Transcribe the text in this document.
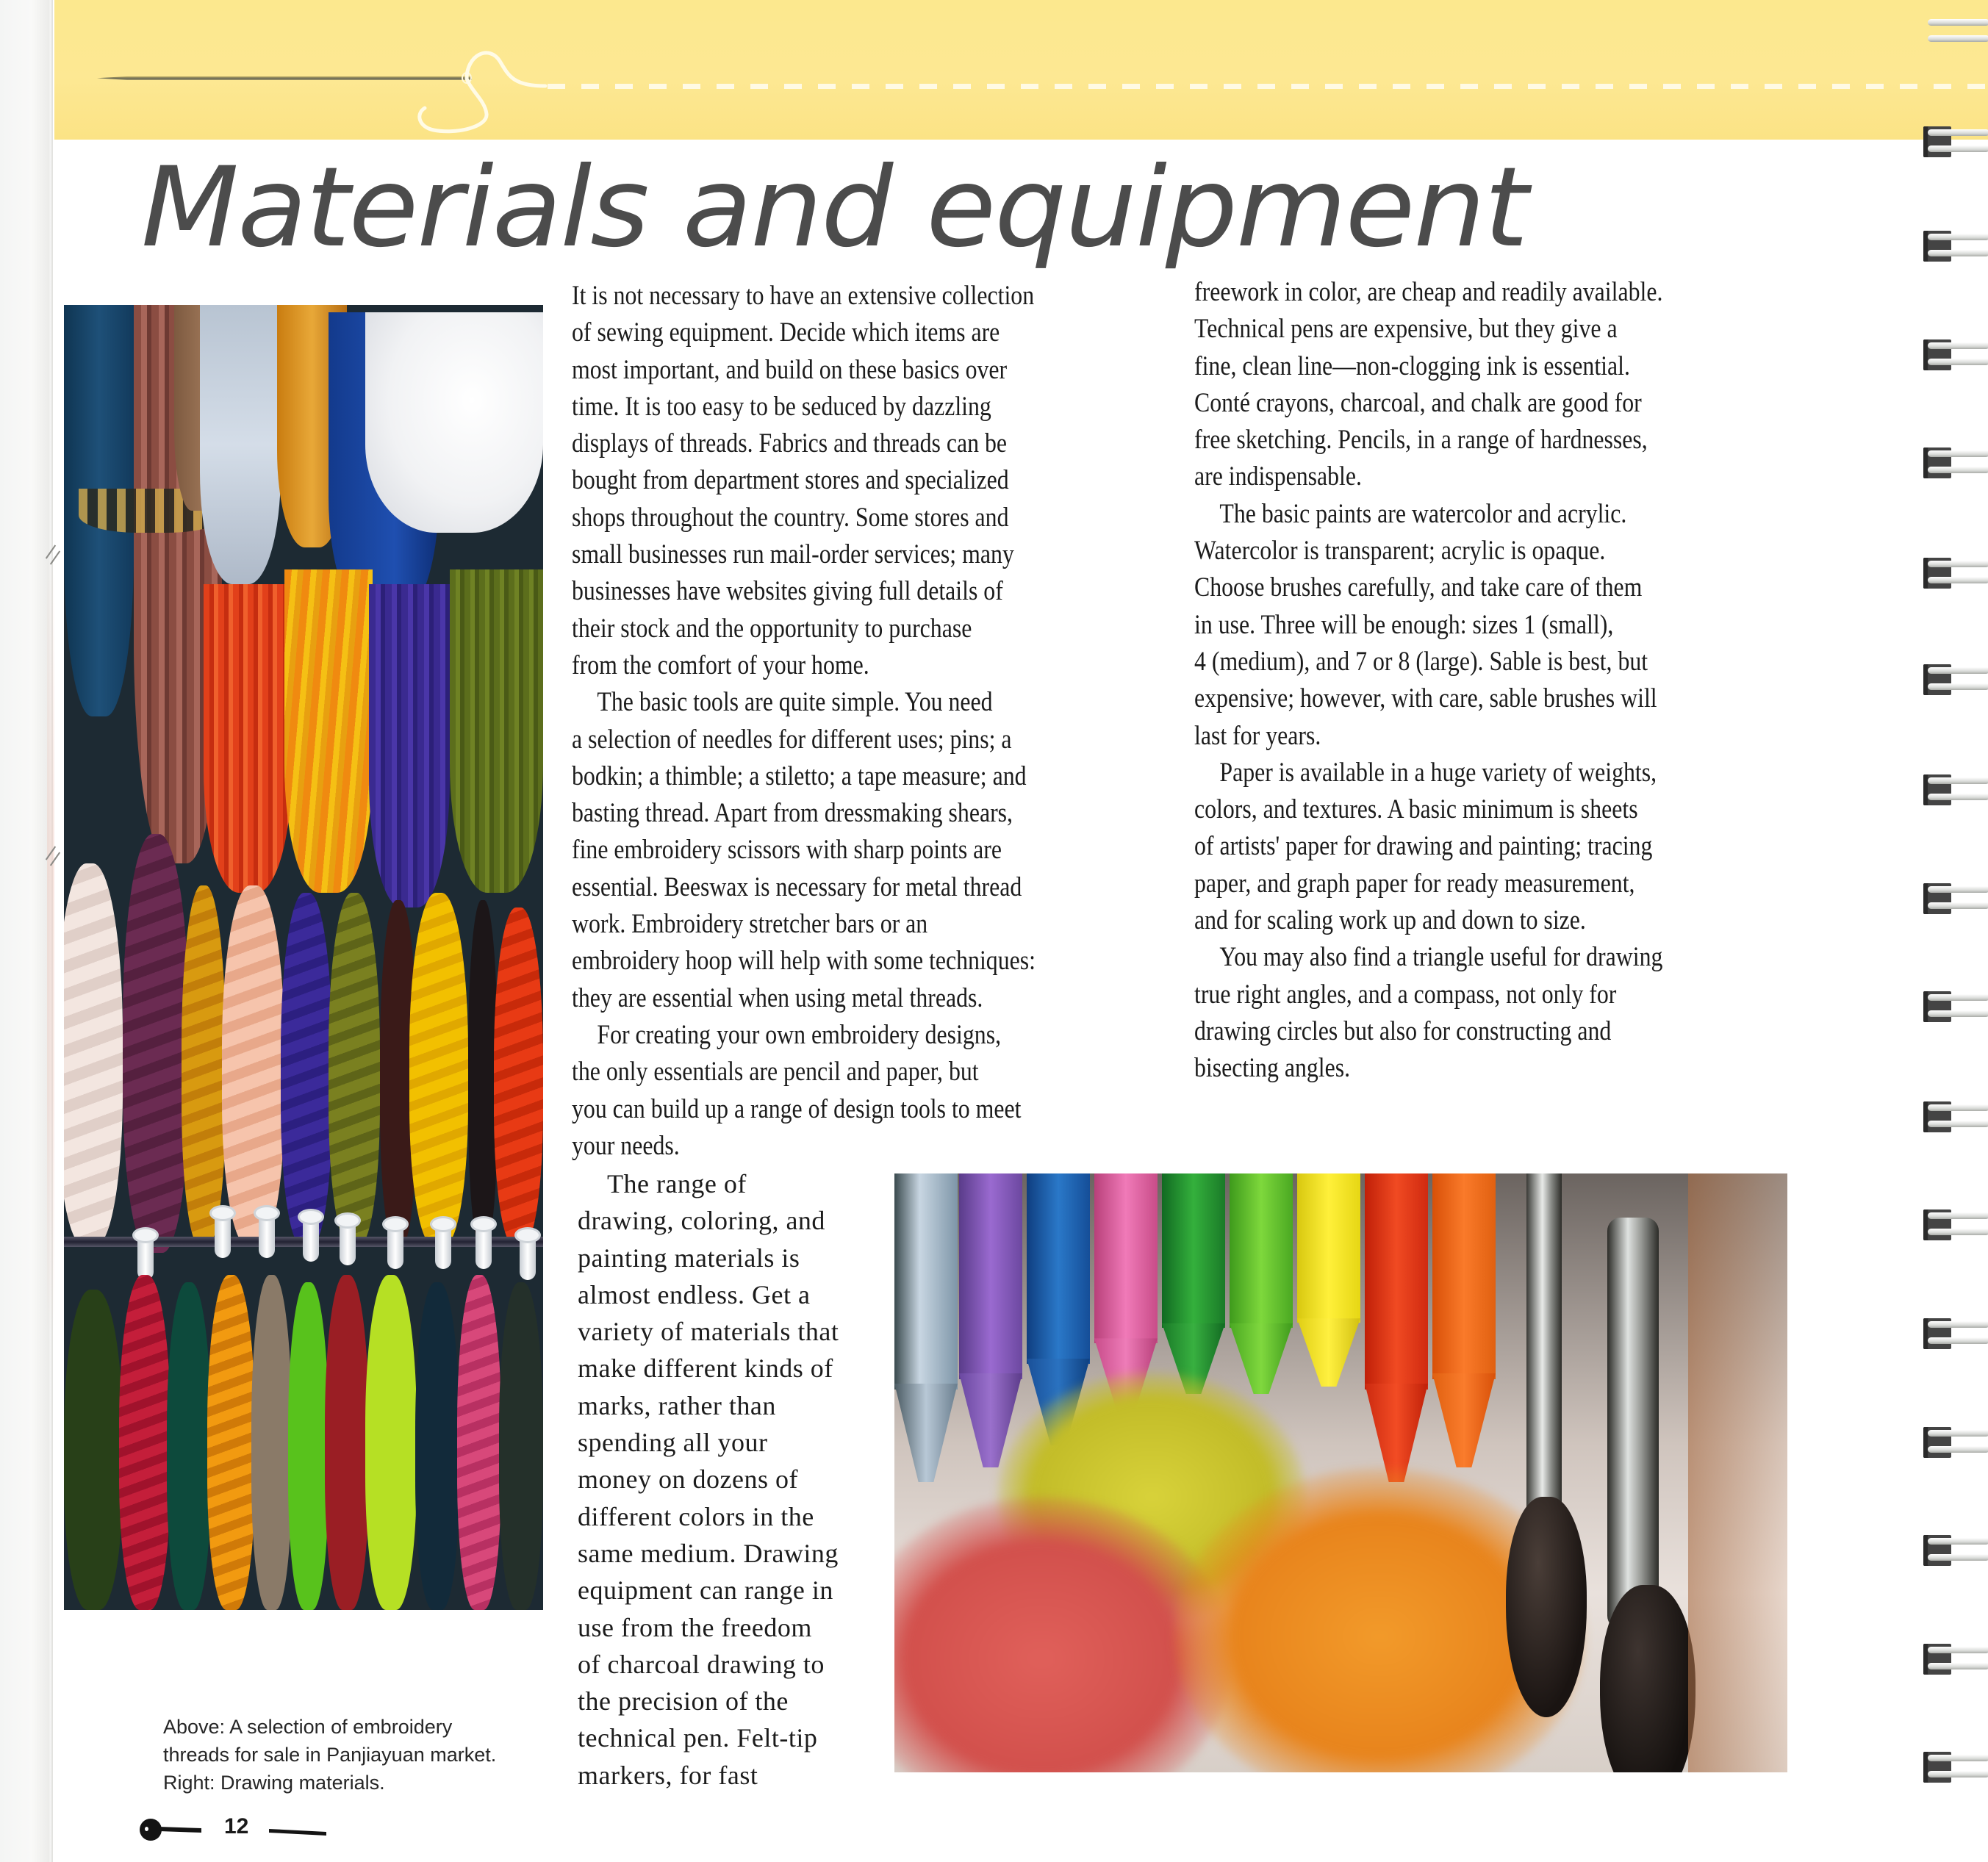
Materials and equipment
It is not necessary to have an extensive collection
of sewing equipment. Decide which items are
most important, and build on these basics over
time. It is too easy to be seduced by dazzling
displays of threads. Fabrics and threads can be
bought from department stores and specialized
shops throughout the country. Some stores and
small businesses run mail-order services; many
businesses have websites giving full details of
their stock and the opportunity to purchase
from the comfort of your home.
The basic tools are quite simple. You need
a selection of needles for different uses; pins; a
bodkin; a thimble; a stiletto; a tape measure; and
basting thread. Apart from dressmaking shears,
fine embroidery scissors with sharp points are
essential. Beeswax is necessary for metal thread
work. Embroidery stretcher bars or an
embroidery hoop will help with some techniques:
they are essential when using metal threads.
For creating your own embroidery designs,
the only essentials are pencil and paper, but
you can build up a range of design tools to meet
your needs.
The range of
drawing, coloring, and
painting materials is
almost endless. Get a
variety of materials that
make different kinds of
marks, rather than
spending all your
money on dozens of
different colors in the
same medium. Drawing
equipment can range in
use from the freedom
of charcoal drawing to
the precision of the
technical pen. Felt-tip
markers, for fast
freework in color, are cheap and readily available.
Technical pens are expensive, but they give a
fine, clean line—non-clogging ink is essential.
Conté crayons, charcoal, and chalk are good for
free sketching. Pencils, in a range of hardnesses,
are indispensable.
The basic paints are watercolor and acrylic.
Watercolor is transparent; acrylic is opaque.
Choose brushes carefully, and take care of them
in use. Three will be enough: sizes 1 (small),
4 (medium), and 7 or 8 (large). Sable is best, but
expensive; however, with care, sable brushes will
last for years.
Paper is available in a huge variety of weights,
colors, and textures. A basic minimum is sheets
of artists' paper for drawing and painting; tracing
paper, and graph paper for ready measurement,
and for scaling work up and down to size.
You may also find a triangle useful for drawing
true right angles, and a compass, not only for
drawing circles but also for constructing and
bisecting angles.
Above: A selection of embroidery
threads for sale in Panjiayuan market.
Right: Drawing materials.
12
